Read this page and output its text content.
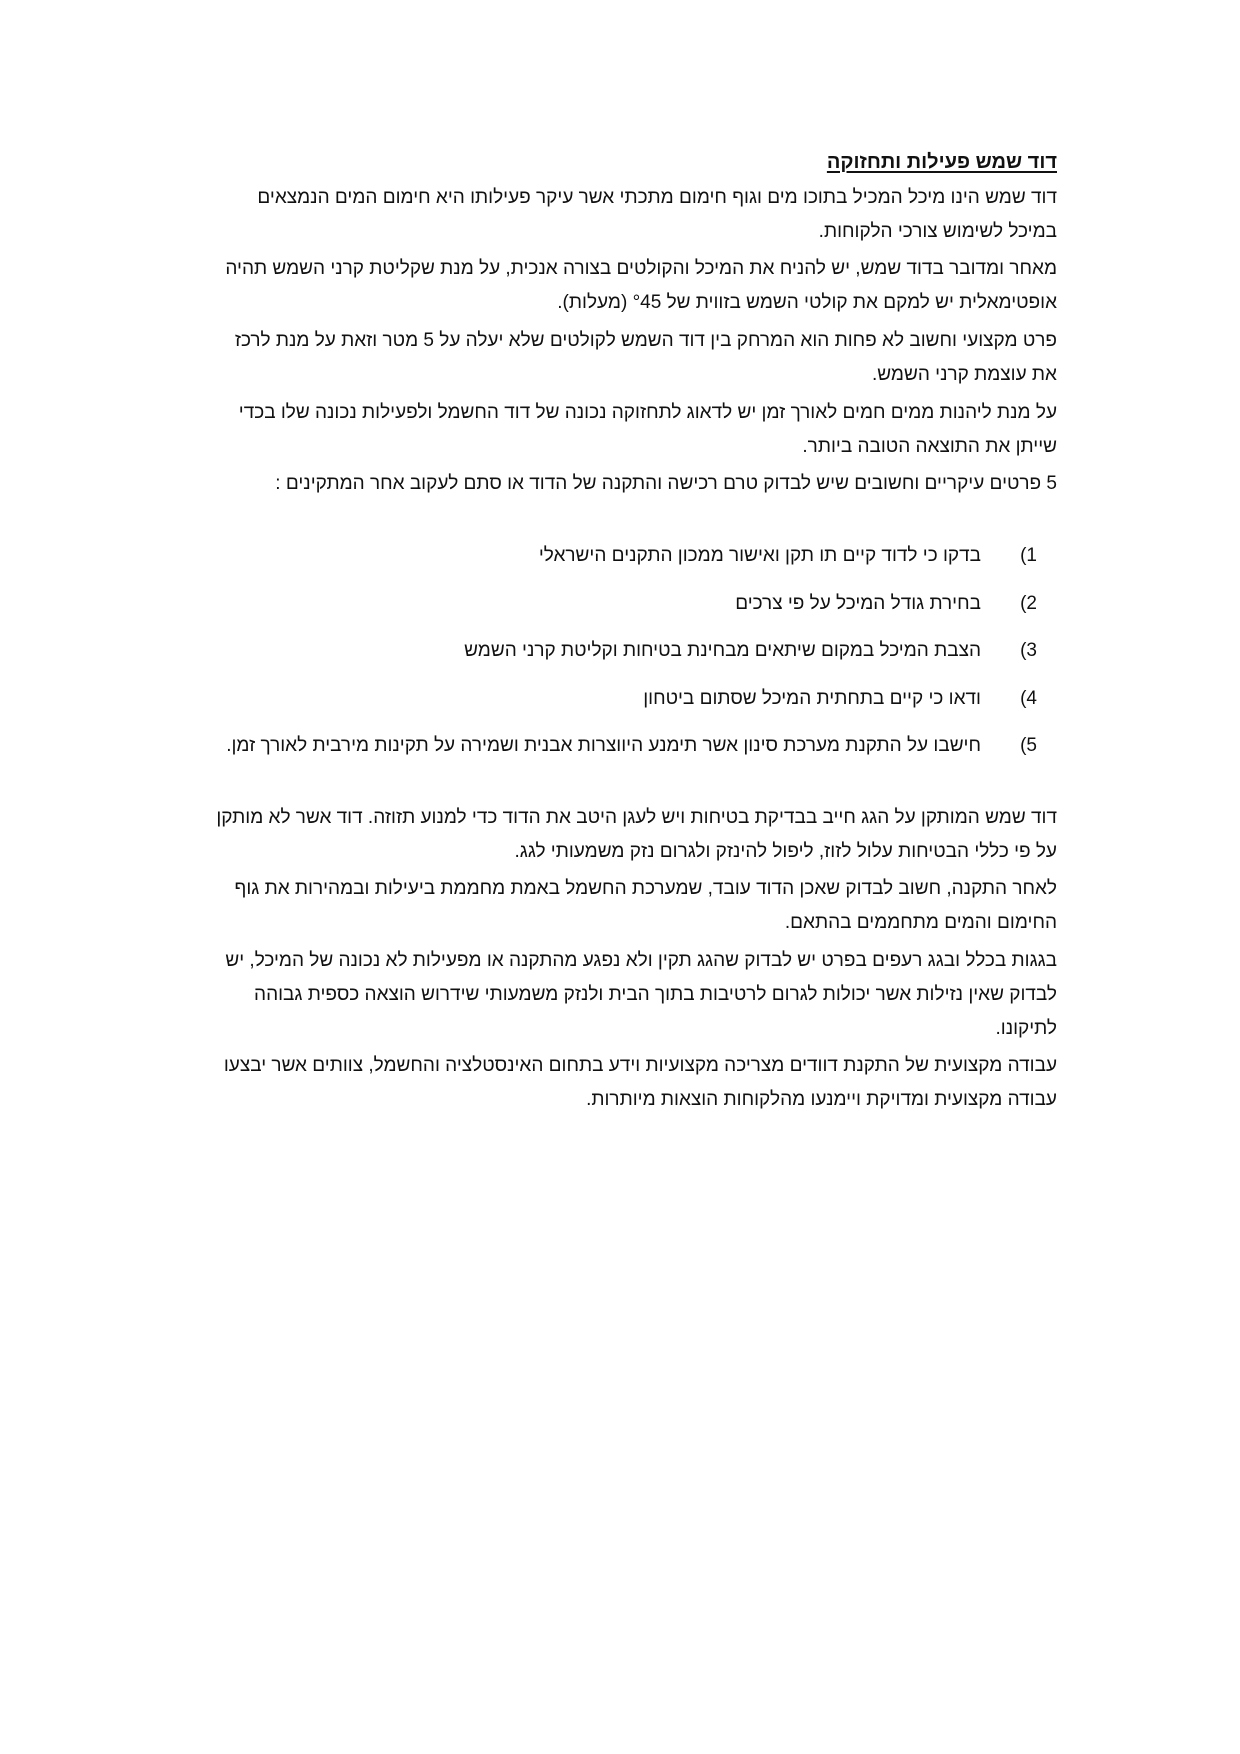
דוד שמש פעילות ותחזוקה

דוד שמש הינו מיכל המכיל בתוכו מים וגוף חימום מתכתי אשר עיקר פעילותו היא חימום המים הנמצאים במיכל לשימוש צורכי הלקוחות.

מאחר ומדובר בדוד שמש, יש להניח את המיכל והקולטים בצורה אנכית, על מנת שקליטת קרני השמש תהיה אופטימאלית יש למקם את קולטי השמש בזווית של °45 (מעלות).

פרט מקצועי וחשוב לא פחות הוא המרחק בין דוד השמש לקולטים שלא יעלה על 5 מטר וזאת על מנת לרכז את עוצמת קרני השמש.

על מנת ליהנות ממים חמים לאורך זמן יש לדאוג לתחזוקה נכונה של דוד החשמל ולפעילות נכונה שלו בכדי שייתן את התוצאה הטובה ביותר.

5 פרטים עיקריים וחשובים שיש לבדוק טרם רכישה והתקנה של הדוד או סתם לעקוב אחר המתקינים :

1)
בדקו כי לדוד קיים תו תקן ואישור ממכון התקנים הישראלי
2)
בחירת גודל המיכל על פי צרכים
3)
הצבת המיכל במקום שיתאים מבחינת בטיחות וקליטת קרני השמש
4)
ודאו כי קיים בתחתית המיכל שסתום ביטחון
5)
חישבו על התקנת מערכת סינון אשר תימנע היווצרות אבנית ושמירה על תקינות מירבית לאורך זמן.

דוד שמש המותקן על הגג חייב בבדיקת בטיחות ויש לעגן היטב את הדוד כדי למנוע תזוזה. דוד אשר לא מותקן על פי כללי הבטיחות עלול לזוז, ליפול להינזק ולגרום נזק משמעותי לגג.

לאחר התקנה, חשוב לבדוק שאכן הדוד עובד, שמערכת החשמל באמת מחממת ביעילות ובמהירות את גוף החימום והמים מתחממים בהתאם.

בגגות בכלל ובגג רעפים בפרט יש לבדוק שהגג תקין ולא נפגע מהתקנה או מפעילות לא נכונה של המיכל, יש לבדוק שאין נזילות אשר יכולות לגרום לרטיבות בתוך הבית ולנזק משמעותי שידרוש הוצאה כספית גבוהה לתיקונו.

עבודה מקצועית של התקנת דוודים מצריכה מקצועיות וידע בתחום האינסטלציה והחשמל, צוותים אשר יבצעו עבודה מקצועית ומדויקת ויימנעו מהלקוחות הוצאות מיותרות.
